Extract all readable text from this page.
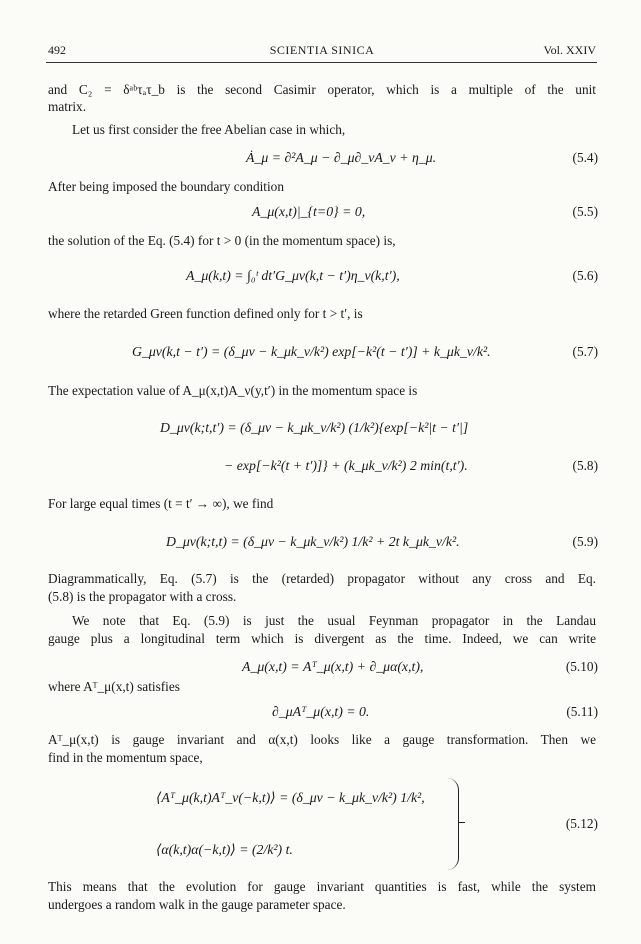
492	SCIENTIA SINICA	Vol. XXIV
and C₂ = δᵃᵇτₐτ_b is the second Casimir operator, which is a multiple of the unit
matrix.
Let us first consider the free Abelian case in which,
Ȧ_μ = ∂²A_μ − ∂_μ∂_νA_ν + η_μ.	(5.4)
After being imposed the boundary condition
A_μ(x,t)|_{t=0} = 0,	(5.5)
the solution of the Eq. (5.4) for t > 0 (in the momentum space) is,
A_μ(k,t) = ∫₀ᵗ dt′G_μν(k,t − t′)η_ν(k,t′),	(5.6)
where the retarded Green function defined only for t > t′, is
G_μν(k,t − t′) = (δ_μν − k_μk_ν/k²) exp[−k²(t − t′)] + k_μk_ν/k².	(5.7)
The expectation value of A_μ(x,t)A_ν(y,t′) in the momentum space is
D_μν(k;t,t′) = (δ_μν − k_μk_ν/k²) (1/k²){exp[−k²|t − t′|]
− exp[−k²(t + t′)]} + (k_μk_ν/k²) 2 min(t,t′).	(5.8)
For large equal times (t = t′ → ∞), we find
D_μν(k;t,t) = (δ_μν − k_μk_ν/k²) 1/k² + 2t k_μk_ν/k².	(5.9)
Diagrammatically, Eq. (5.7) is the (retarded) propagator without any cross and Eq.
(5.8) is the propagator with a cross.
We note that Eq. (5.9) is just the usual Feynman propagator in the Landau
gauge plus a longitudinal term which is divergent as the time. Indeed, we can write
A_μ(x,t) = Aᵀ_μ(x,t) + ∂_μα(x,t),	(5.10)
where Aᵀ_μ(x,t) satisfies
∂_μAᵀ_μ(x,t) = 0.	(5.11)
Aᵀ_μ(x,t) is gauge invariant and α(x,t) looks like a gauge transformation. Then we
find in the momentum space,
⟨Aᵀ_μ(k,t)Aᵀ_ν(−k,t)⟩ = (δ_μν − k_μk_ν/k²) 1/k²,
⟨α(k,t)α(−k,t)⟩ = (2/k²) t.
(5.12)
This means that the evolution for gauge invariant quantities is fast, while the system
undergoes a random walk in the gauge parameter space.
